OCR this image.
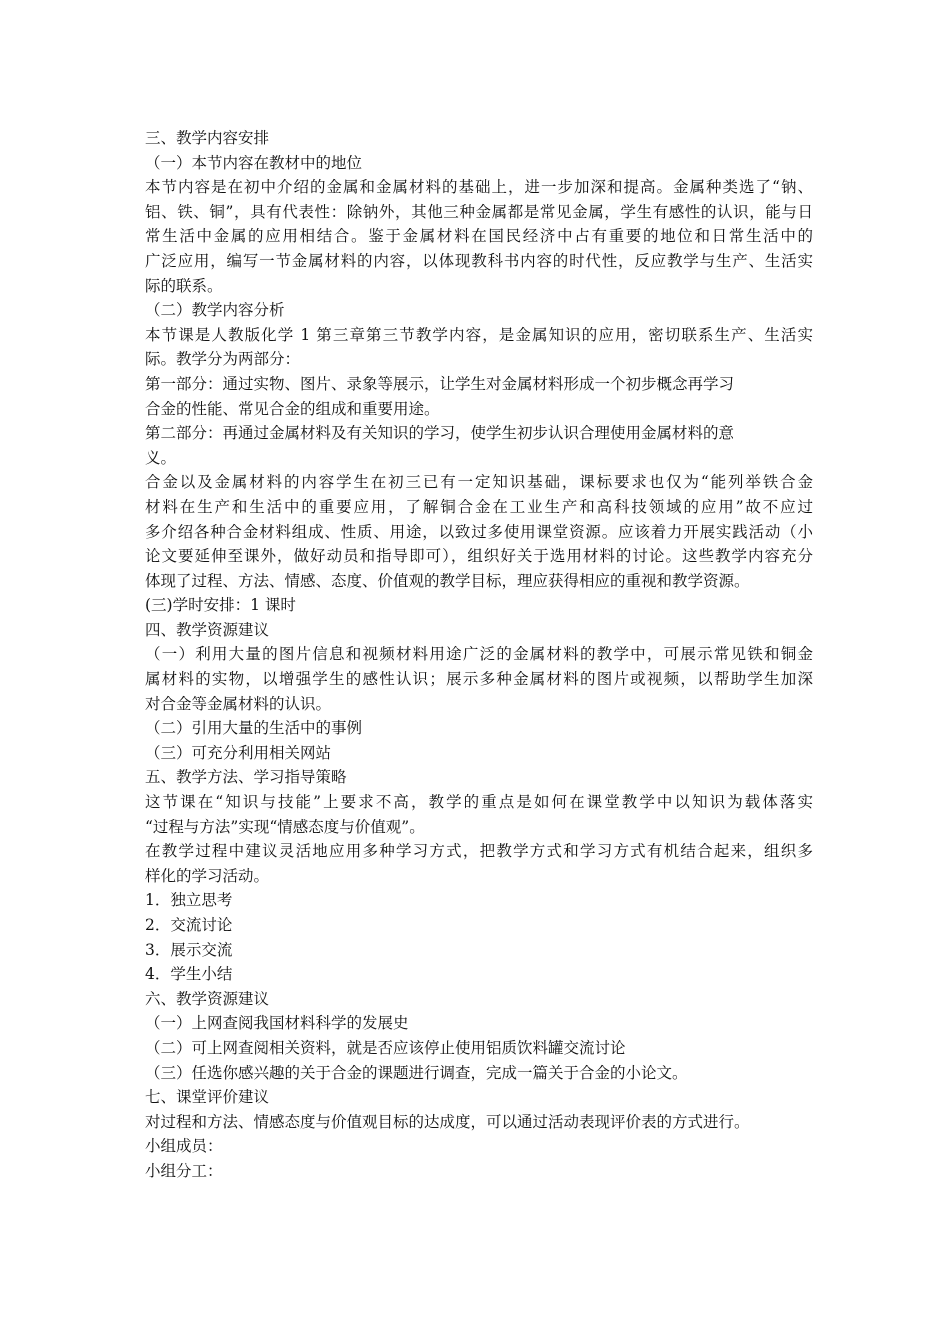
三、教学内容安排
（一）本节内容在教材中的地位
本节内容是在初中介绍的金属和金属材料的基础上，进一步加深和提高。金属种类选了“钠、
铝、铁、铜”，具有代表性：除钠外，其他三种金属都是常见金属，学生有感性的认识，能与日
常生活中金属的应用相结合。鉴于金属材料在国民经济中占有重要的地位和日常生活中的
广泛应用，编写一节金属材料的内容，以体现教科书内容的时代性，反应教学与生产、生活实
际的联系。
（二）教学内容分析
本节课是人教版化学 1 第三章第三节教学内容，是金属知识的应用，密切联系生产、生活实
际。教学分为两部分：
第一部分：通过实物、图片、录象等展示，让学生对金属材料形成一个初步概念再学习
合金的性能、常见合金的组成和重要用途。
第二部分：再通过金属材料及有关知识的学习，使学生初步认识合理使用金属材料的意
义。
合金以及金属材料的内容学生在初三已有一定知识基础，课标要求也仅为“能列举铁合金
材料在生产和生活中的重要应用，了解铜合金在工业生产和高科技领域的应用”故不应过
多介绍各种合金材料组成、性质、用途，以致过多使用课堂资源。应该着力开展实践活动（小
论文要延伸至课外，做好动员和指导即可），组织好关于选用材料的讨论。这些教学内容充分
体现了过程、方法、情感、态度、价值观的教学目标，理应获得相应的重视和教学资源。
(三)学时安排：1 课时
四、教学资源建议
（一）利用大量的图片信息和视频材料用途广泛的金属材料的教学中，可展示常见铁和铜金
属材料的实物，以增强学生的感性认识；展示多种金属材料的图片或视频，以帮助学生加深
对合金等金属材料的认识。
（二）引用大量的生活中的事例
（三）可充分利用相关网站
五、教学方法、学习指导策略
这节课在“知识与技能”上要求不高，教学的重点是如何在课堂教学中以知识为载体落实
“过程与方法”实现“情感态度与价值观”。
在教学过程中建议灵活地应用多种学习方式，把教学方式和学习方式有机结合起来，组织多
样化的学习活动。
1．独立思考
2．交流讨论
3．展示交流
4．学生小结
六、教学资源建议
（一）上网查阅我国材料科学的发展史
（二）可上网查阅相关资料，就是否应该停止使用铝质饮料罐交流讨论
（三）任选你感兴趣的关于合金的课题进行调查，完成一篇关于合金的小论文。
七、课堂评价建议
对过程和方法、情感态度与价值观目标的达成度，可以通过活动表现评价表的方式进行。
小组成员：
小组分工：
